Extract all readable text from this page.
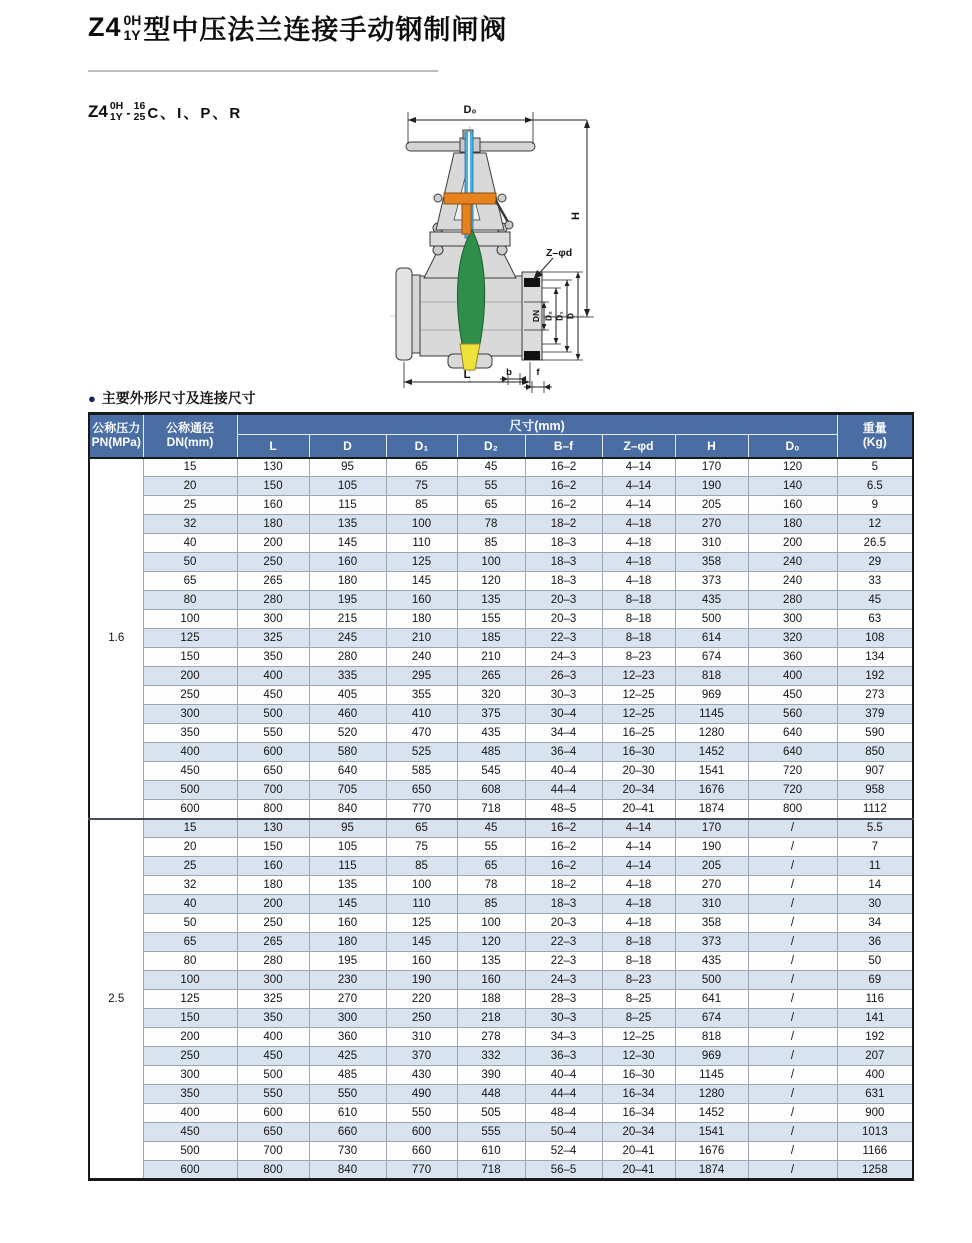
Z4 0H
1Y 型中压法兰连接手动钢制闸阀
Z4 0H
1Y - 16
25 C、I、P、R	D₀
H
Z–φd
DN D₂ D₁ D
L	b	f
● 主要外形尺寸及连接尺寸
公称压力
PN(MPa)

公称通径
DN(mm)
	尺寸(mm)	重量
(Kg)

		L	D	D₁	D₂	B–f	Z–φd	H	D₀	
1.6	15	130	95	65	45	16–2	4–14	170	120	5
	20	150	105	75	55	16–2	4–14	190	140	6.5
	25	160	115	85	65	16–2	4–14	205	160	9
	32	180	135	100	78	18–2	4–18	270	180	12
	40	200	145	110	85	18–3	4–18	310	200	26.5
	50	250	160	125	100	18–3	4–18	358	240	29
	65	265	180	145	120	18–3	4–18	373	240	33
	80	280	195	160	135	20–3	8–18	435	280	45
	100	300	215	180	155	20–3	8–18	500	300	63
	125	325	245	210	185	22–3	8–18	614	320	108
	150	350	280	240	210	24–3	8–23	674	360	134
	200	400	335	295	265	26–3	12–23	818	400	192
	250	450	405	355	320	30–3	12–25	969	450	273
	300	500	460	410	375	30–4	12–25	1145	560	379
	350	550	520	470	435	34–4	16–25	1280	640	590
	400	600	580	525	485	36–4	16–30	1452	640	850
	450	650	640	585	545	40–4	20–30	1541	720	907
	500	700	705	650	608	44–4	20–34	1676	720	958
	600	800	840	770	718	48–5	20–41	1874	800	1112
2.5	15	130	95	65	45	16–2	4–14	170	/	5.5
	20	150	105	75	55	16–2	4–14	190	/	7
	25	160	115	85	65	16–2	4–14	205	/	11
	32	180	135	100	78	18–2	4–18	270	/	14
	40	200	145	110	85	18–3	4–18	310	/	30
	50	250	160	125	100	20–3	4–18	358	/	34
	65	265	180	145	120	22–3	8–18	373	/	36
	80	280	195	160	135	22–3	8–18	435	/	50
	100	300	230	190	160	24–3	8–23	500	/	69
	125	325	270	220	188	28–3	8–25	641	/	116
	150	350	300	250	218	30–3	8–25	674	/	141
	200	400	360	310	278	34–3	12–25	818	/	192
	250	450	425	370	332	36–3	12–30	969	/	207
	300	500	485	430	390	40–4	16–30	1145	/	400
	350	550	550	490	448	44–4	16–34	1280	/	631
	400	600	610	550	505	48–4	16–34	1452	/	900
	450	650	660	600	555	50–4	20–34	1541	/	1013
	500	700	730	660	610	52–4	20–41	1676	/	1166
	600	800	840	770	718	56–5	20–41	1874	/	1258
